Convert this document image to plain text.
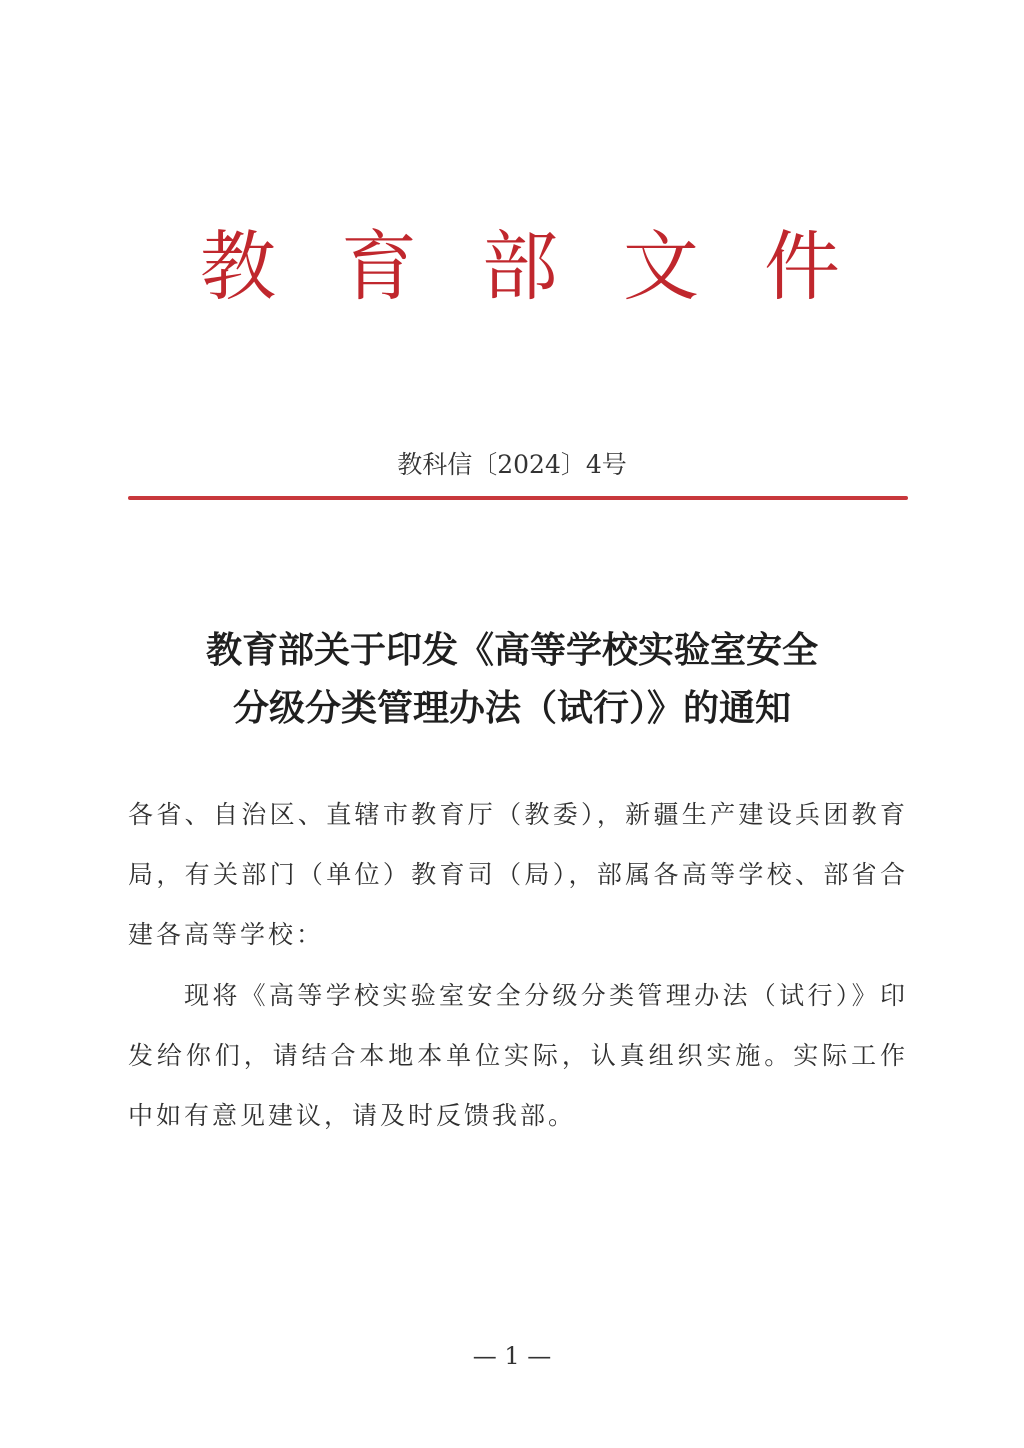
教 育 部 文 件
教科信〔2024〕4号
教育部关于印发《高等学校实验室安全
分级分类管理办法（试行）》的通知
各省、自治区、直辖市教育厅（教委），新疆生产建设兵团教育局，有关部门（单位）教育司（局），部属各高等学校、部省合建各高等学校：
现将《高等学校实验室安全分级分类管理办法（试行）》印发给你们，请结合本地本单位实际，认真组织实施。实际工作中如有意见建议，请及时反馈我部。
— 1 —
